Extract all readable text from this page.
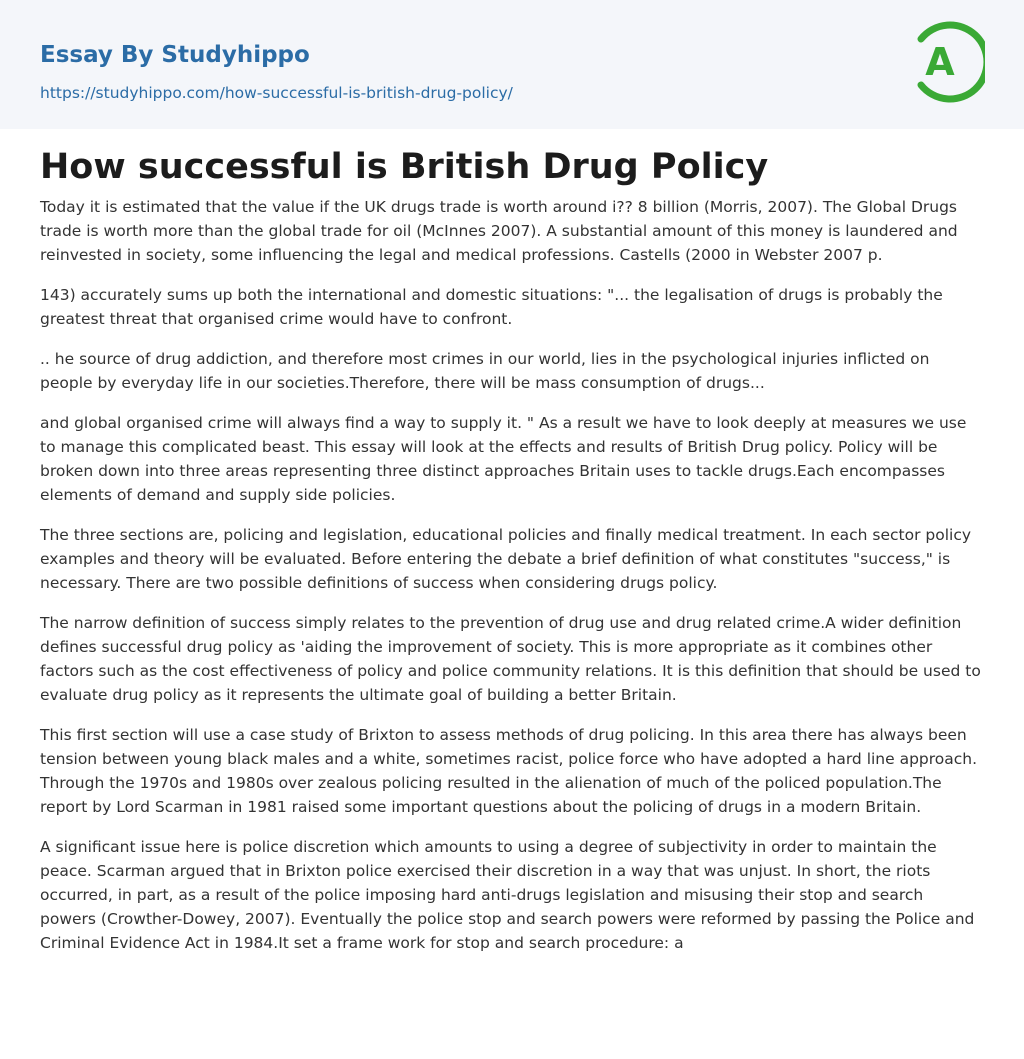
Essay By Studyhippo
https://studyhippo.com/how-successful-is-british-drug-policy/
A
How successful is British Drug Policy

Today it is estimated that the value if the UK drugs trade is worth around i?? 8 billion (Morris, 2007). The Global Drugs trade is worth more than the global trade for oil (McInnes 2007). A substantial amount of this money is laundered and reinvested in society, some influencing the legal and medical professions. Castells (2000 in Webster 2007 p.

143) accurately sums up both the international and domestic situations: "... the legalisation of drugs is probably the greatest threat that organised crime would have to confront.

.. he source of drug addiction, and therefore most crimes in our world, lies in the psychological injuries inflicted on people by everyday life in our societies.Therefore, there will be mass consumption of drugs...

and global organised crime will always find a way to supply it. " As a result we have to look deeply at measures we use to manage this complicated beast. This essay will look at the effects and results of British Drug policy. Policy will be broken down into three areas representing three distinct approaches Britain uses to tackle drugs.Each encompasses elements of demand and supply side policies.

The three sections are, policing and legislation, educational policies and finally medical treatment. In each sector policy examples and theory will be evaluated. Before entering the debate a brief definition of what constitutes "success," is necessary. There are two possible definitions of success when considering drugs policy.

The narrow definition of success simply relates to the prevention of drug use and drug related crime.A wider definition defines successful drug policy as 'aiding the improvement of society. This is more appropriate as it combines other factors such as the cost effectiveness of policy and police community relations. It is this definition that should be used to evaluate drug policy as it represents the ultimate goal of building a better Britain.

This first section will use a case study of Brixton to assess methods of drug policing. In this area there has always been tension between young black males and a white, sometimes racist, police force who have adopted a hard line approach. Through the 1970s and 1980s over zealous policing resulted in the alienation of much of the policed population.The report by Lord Scarman in 1981 raised some important questions about the policing of drugs in a modern Britain.

A significant issue here is police discretion which amounts to using a degree of subjectivity in order to maintain the peace. Scarman argued that in Brixton police exercised their discretion in a way that was unjust. In short, the riots occurred, in part, as a result of the police imposing hard anti-drugs legislation and misusing their stop and search powers (Crowther-Dowey, 2007). Eventually the police stop and search powers were reformed by passing the Police and Criminal Evidence Act in 1984.It set a frame work for stop and search procedure: a
